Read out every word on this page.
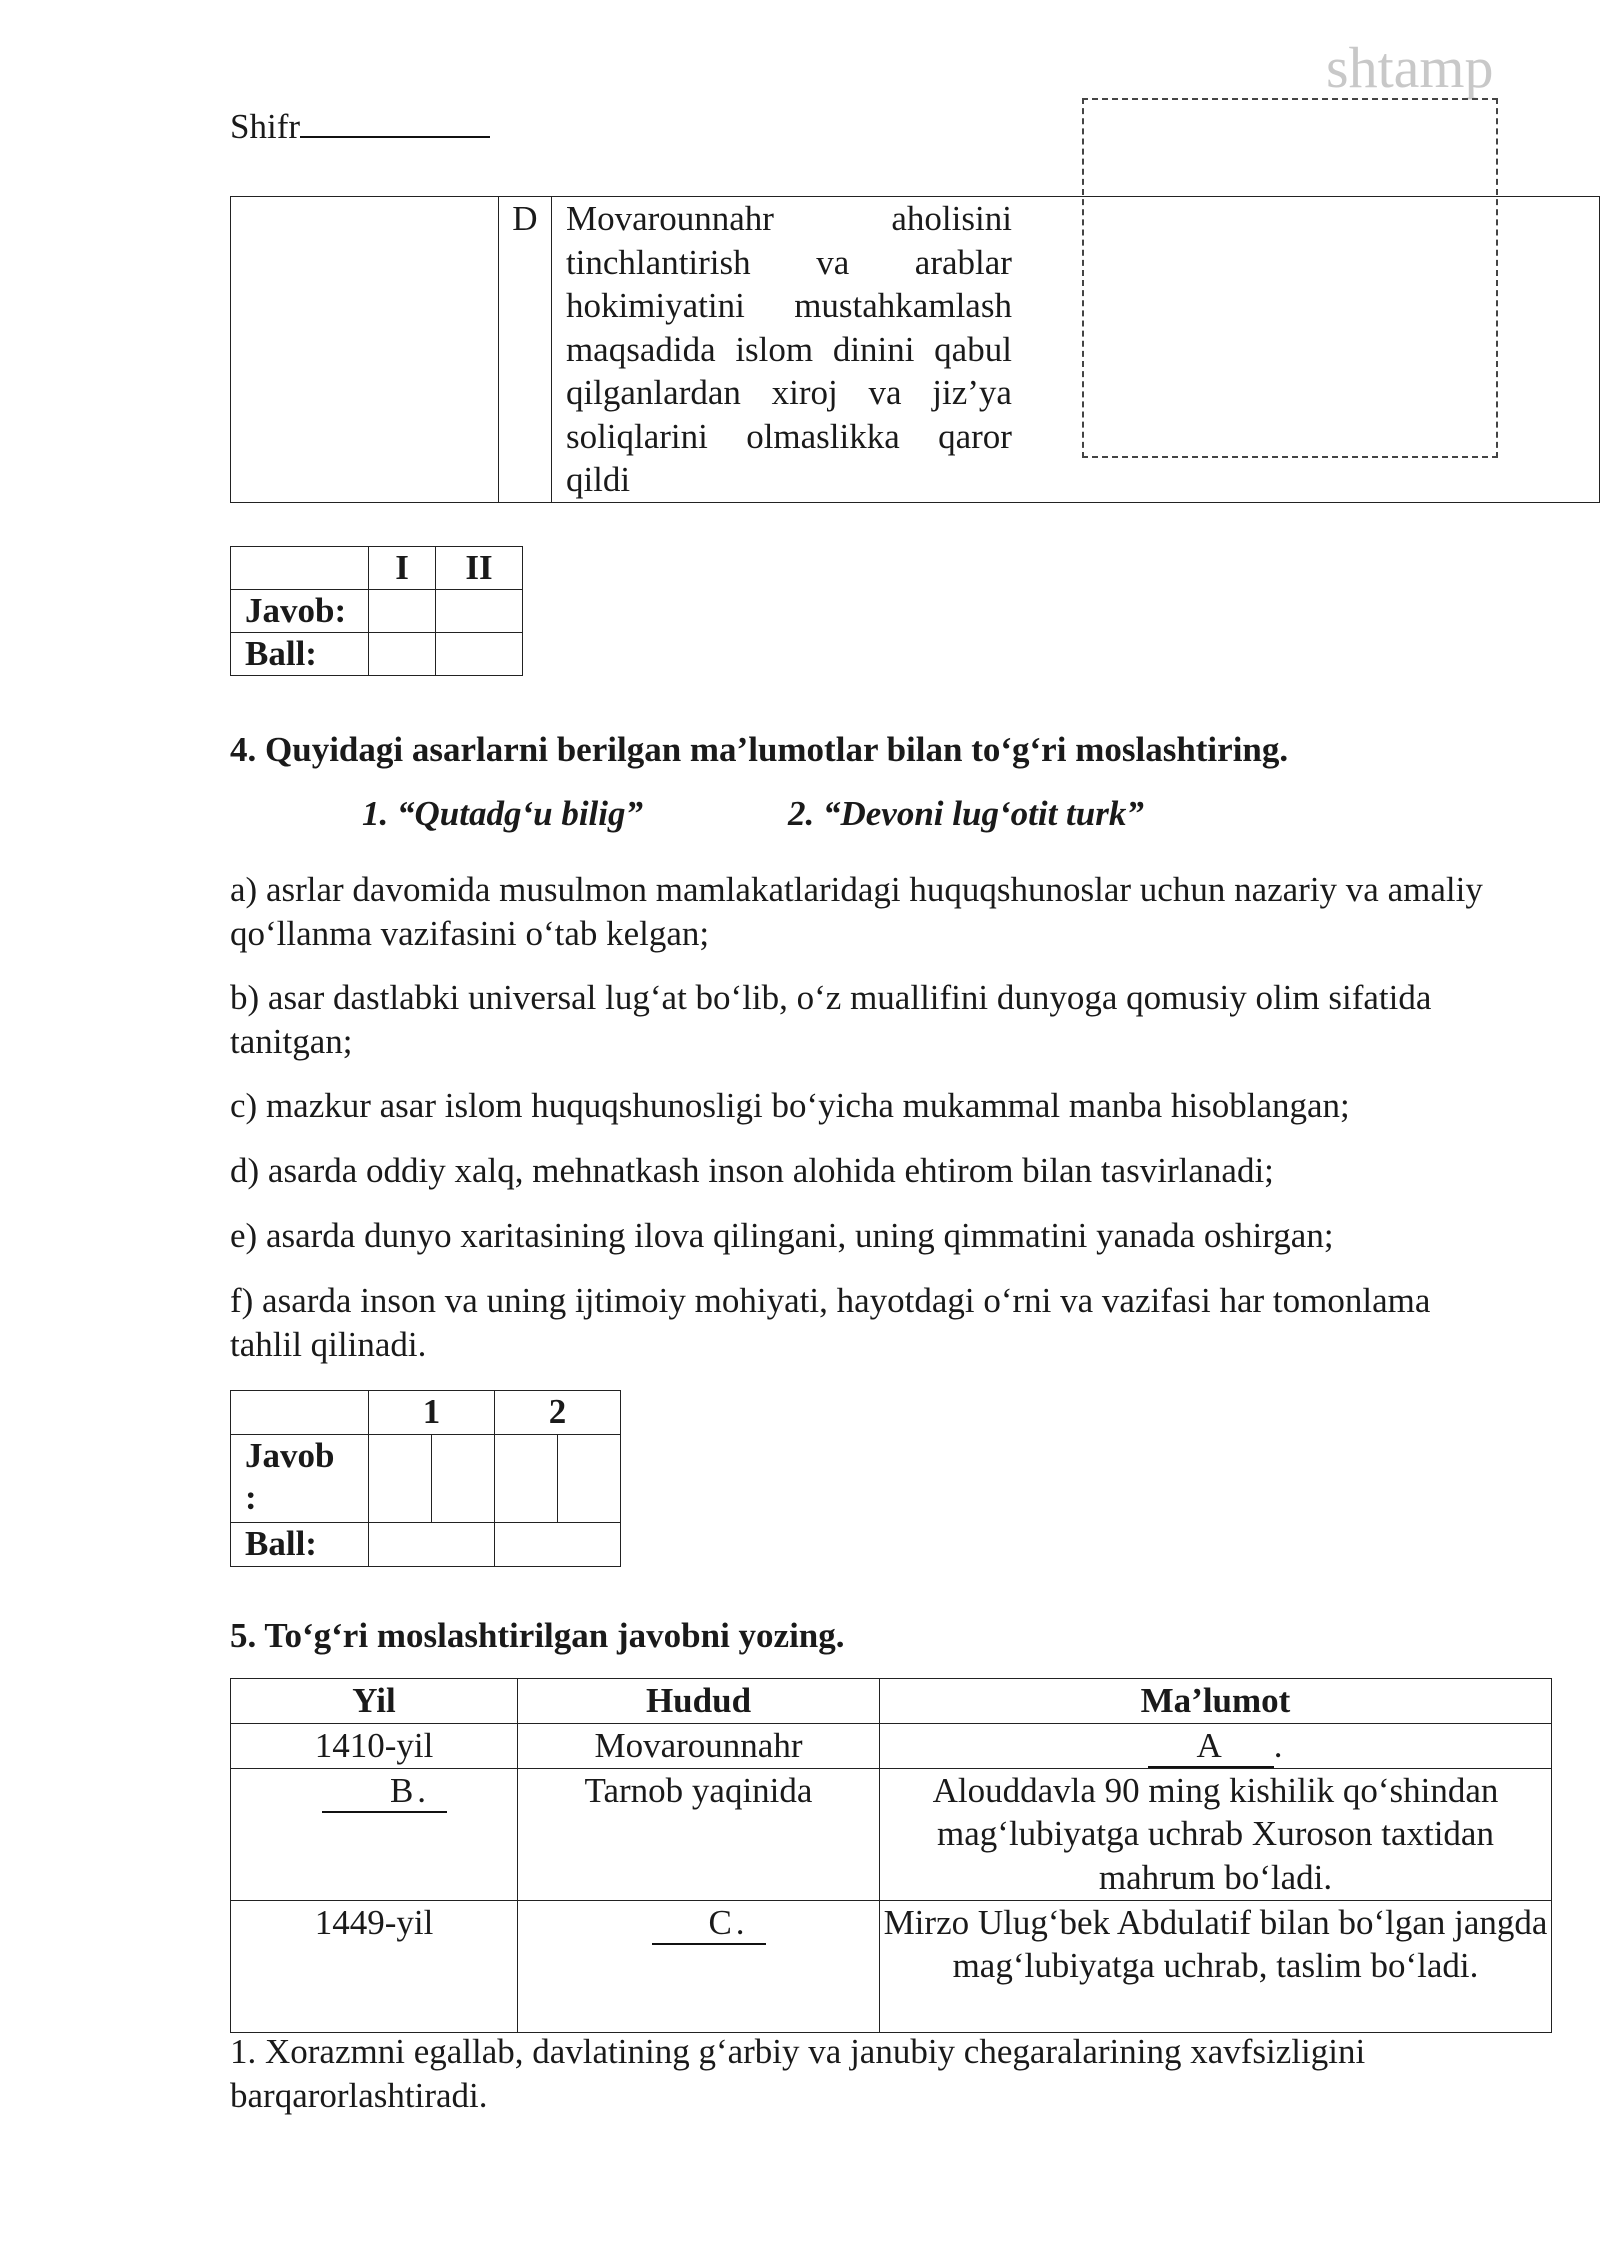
shtamp
Shifr
	D	Movarounnahr aholisini tinchlantirish va arablar hokimiyatini mustahkamlash maqsadida islom dinini qabul qilganlardan xiroj va jiz’ya soliqlarini olmaslikka qaror qildi
	I	II
Javob:		
Ball:		
4. Quyidagi asarlarni berilgan ma’lumotlar bilan to‘g‘ri moslashtiring.
1. “Qutadg‘u bilig”	2. “Devoni lug‘otit turk”
a) asrlar davomida musulmon mamlakatlaridagi huquqshunoslar uchun nazariy va amaliy qo‘llanma vazifasini o‘tab kelgan;
b) asar dastlabki universal lug‘at bo‘lib, o‘z muallifini dunyoga qomusiy olim sifatida tanitgan;
c) mazkur asar islom huquqshunosligi bo‘yicha mukammal manba hisoblangan;
d) asarda oddiy xalq, mehnatkash inson alohida ehtirom bilan tasvirlanadi;
e) asarda dunyo xaritasining ilova qilingani, uning qimmatini yanada oshirgan;
f) asarda inson va uning ijtimoiy mohiyati, hayotdagi o‘rni va vazifasi har tomonlama tahlil qilinadi.
	1		2	
Javob
:				
Ball:				
5. To‘g‘ri moslashtirilgan javobni yozing.
Yil	Hudud	Ma’lumot
1410-yil	Movarounnahr	A .
B .	Tarnob yaqinida	Alouddavla 90 ming kishilik qo‘shindan mag‘lubiyatga uchrab Xuroson taxtidan mahrum bo‘ladi.
1449-yil	C .	Mirzo Ulug‘bek Abdulatif bilan bo‘lgan jangda mag‘lubiyatga uchrab, taslim bo‘ladi.
1. Xorazmni egallab, davlatining g‘arbiy va janubiy chegaralarining xavfsizligini barqarorlashtiradi.
